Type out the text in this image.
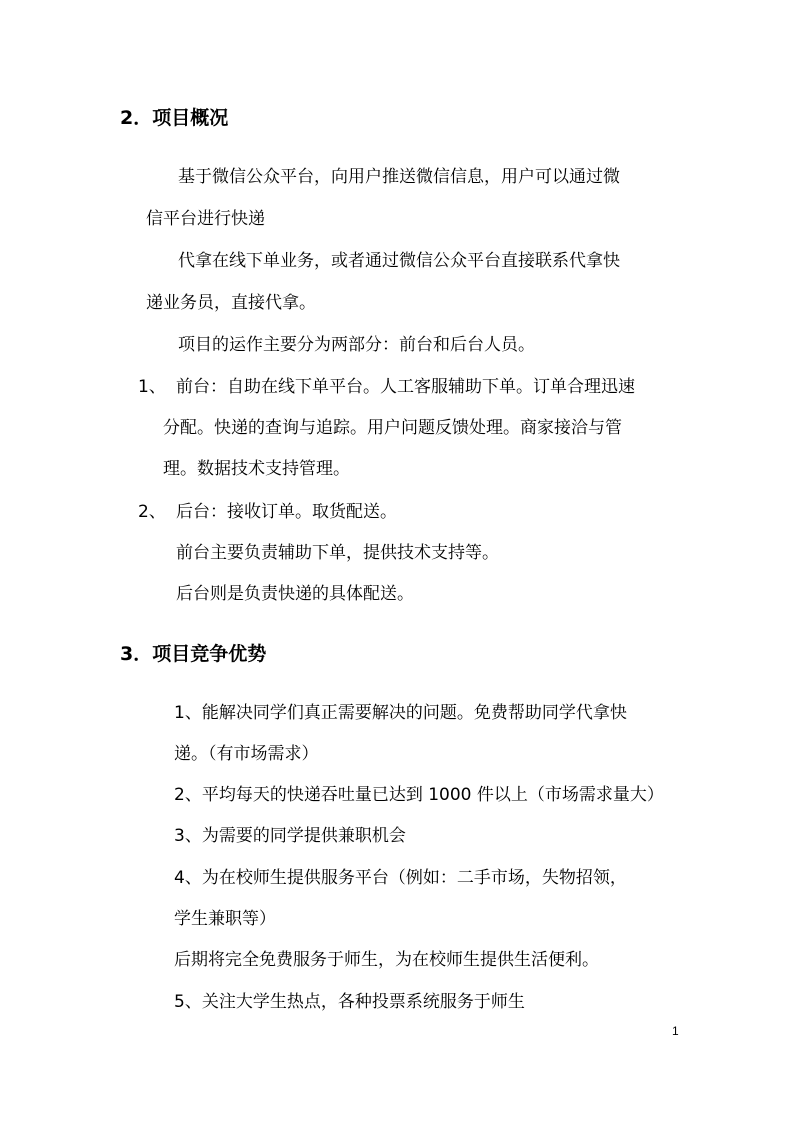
2．项目概况
基于微信公众平台，向用户推送微信信息，用户可以通过微
信平台进行快递
代拿在线下单业务，或者通过微信公众平台直接联系代拿快
递业务员，直接代拿。
项目的运作主要分为两部分：前台和后台人员。
1、 前台：自助在线下单平台。人工客服辅助下单。订单合理迅速
分配。快递的查询与追踪。用户问题反馈处理。商家接洽与管
理。数据技术支持管理。
2、 后台：接收订单。取货配送。
前台主要负责辅助下单，提供技术支持等。
后台则是负责快递的具体配送。
3．项目竞争优势
1、能解决同学们真正需要解决的问题。免费帮助同学代拿快
递。（有市场需求）
2、平均每天的快递吞吐量已达到 1000 件以上（市场需求量大）
3、为需要的同学提供兼职机会
4、为在校师生提供服务平台（例如：二手市场，失物招领，
学生兼职等）
后期将完全免费服务于师生，为在校师生提供生活便利。
5、关注大学生热点，各种投票系统服务于师生
1
